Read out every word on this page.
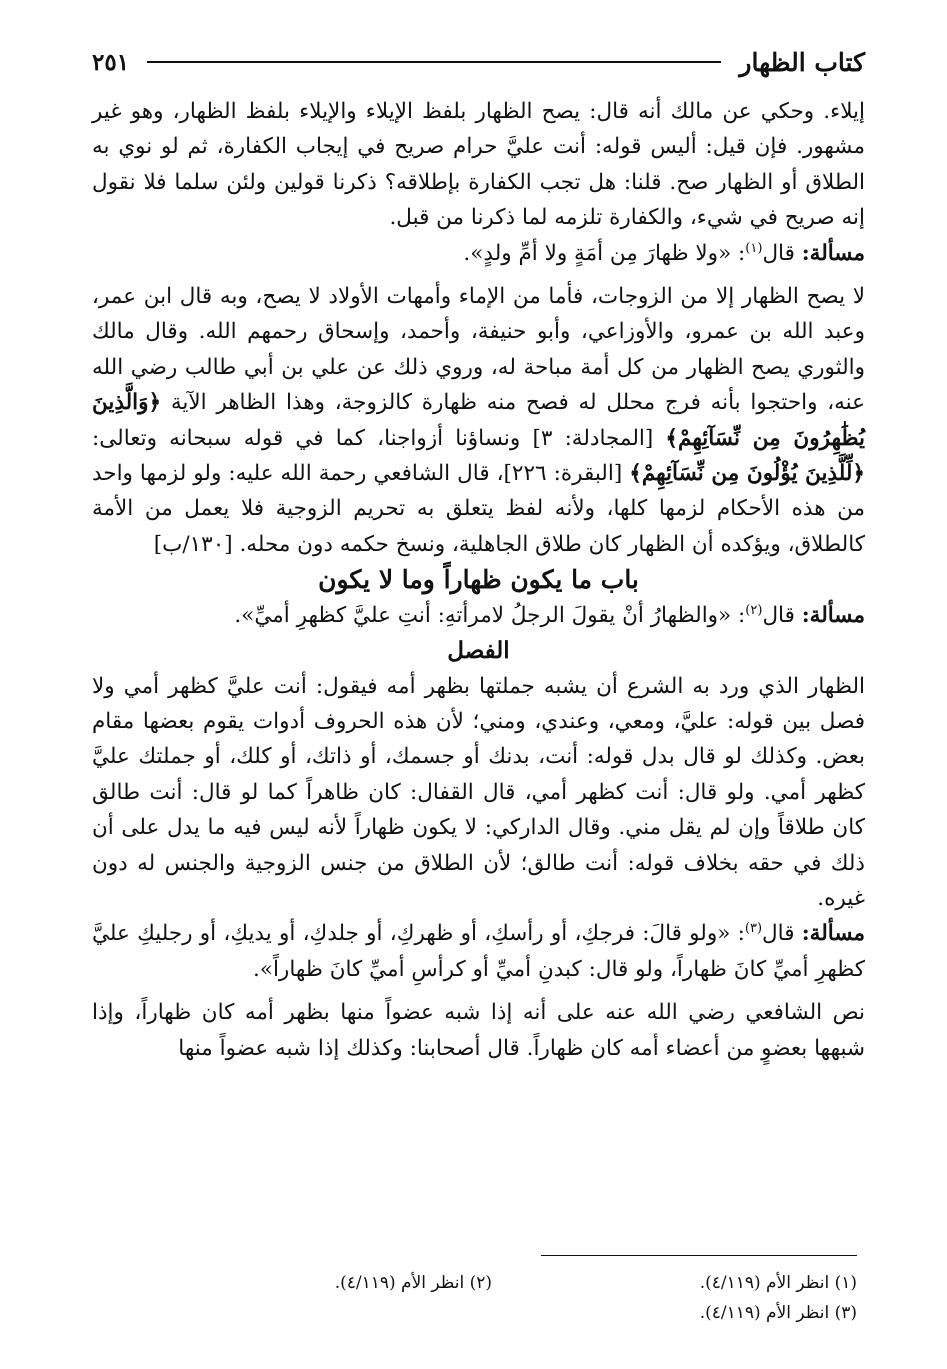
كتاب الظهار
٢٥١

إيلاء. وحكي عن مالك أنه قال: يصح الظهار بلفظ الإيلاء والإيلاء بلفظ الظهار، وهو غير مشهور. فإن قيل: أليس قوله: أنت عليَّ حرام صريح في إيجاب الكفارة، ثم لو نوي به الطلاق أو الظهار صح. قلنا: هل تجب الكفارة بإطلاقه؟ ذكرنا قولين ولئن سلما فلا نقول إنه صريح في شيء، والكفارة تلزمه لما ذكرنا من قبل.

مسألة: قال$^{(١)}$: «ولا ظهارَ مِن أمَةٍ ولا أمِّ ولدٍ».

لا يصح الظهار إلا من الزوجات، فأما من الإماء وأمهات الأولاد لا يصح، وبه قال ابن عمر، وعبد الله بن عمرو، والأوزاعي، وأبو حنيفة، وأحمد، وإسحاق رحمهم الله. وقال مالك والثوري يصح الظهار من كل أمة مباحة له، وروي ذلك عن علي بن أبي طالب رضي الله عنه، واحتجوا بأنه فرج محلل له فصح منه ظهارة كالزوجة، وهذا الظاهر الآية ﴿وَالَّذِينَ يُظَٰهِرُونَ مِن نِّسَآئِهِمْ﴾ [المجادلة: ٣] ونساؤنا أزواجنا، كما في قوله سبحانه وتعالى: ﴿لِّلَّذِينَ يُؤْلُونَ مِن نِّسَآئِهِمْ﴾ [البقرة: ٢٢٦]، قال الشافعي رحمة الله عليه: ولو لزمها واحد من هذه الأحكام لزمها كلها، ولأنه لفظ يتعلق به تحريم الزوجية فلا يعمل من الأمة كالطلاق، ويؤكده أن الظهار كان طلاق الجاهلية، ونسخ حكمه دون محله. [١٣٠/ب]

باب ما يكون ظهاراً وما لا يكون

مسألة: قال$^{(٢)}$: «والظهارُ أنْ يقولَ الرجلُ لامرأتهِ: أنتِ عليَّ كظهرِ أميِّ».

الفصل

الظهار الذي ورد به الشرع أن يشبه جملتها بظهر أمه فيقول: أنت عليَّ كظهر أمي ولا فصل بين قوله: عليَّ، ومعي، وعندي، ومني؛ لأن هذه الحروف أدوات يقوم بعضها مقام بعض. وكذلك لو قال بدل قوله: أنت، بدنك أو جسمك، أو ذاتك، أو كلك، أو جملتك عليَّ كظهر أمي. ولو قال: أنت كظهر أمي، قال القفال: كان ظاهراً كما لو قال: أنت طالق كان طلاقاً وإن لم يقل مني. وقال الداركي: لا يكون ظهاراً لأنه ليس فيه ما يدل على أن ذلك في حقه بخلاف قوله: أنت طالق؛ لأن الطلاق من جنس الزوجية والجنس له دون غيره.

مسألة: قال$^{(٣)}$: «ولو قالَ: فرجكِ، أو رأسكِ، أو ظهركِ، أو جلدكِ، أو يديكِ، أو رجليكِ عليَّ كظهرِ أميِّ كانَ ظهاراً، ولو قال: كبدنِ أميِّ أو كرأسِ أميِّ كانَ ظهاراً».

نص الشافعي رضي الله عنه على أنه إذا شبه عضواً منها بظهر أمه كان ظهاراً، وإذا شبهها بعضوٍ من أعضاء أمه كان ظهاراً. قال أصحابنا: وكذلك إذا شبه عضواً منها

(١) انظر الأم (٤/١١٩).
(٢) انظر الأم (٤/١١٩).
(٣) انظر الأم (٤/١١٩).
